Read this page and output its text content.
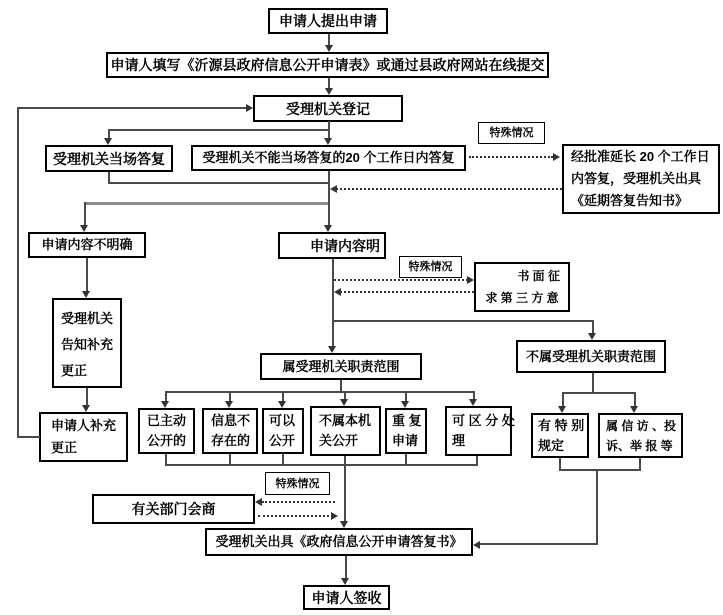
申请人提出申请
申请人填写《沂源县政府信息公开申请表》或通过县政府网站在线提交
受理机关登记
受理机关当场答复	受理机关不能当场答复的20 个工作日内答复
特殊情况
经批准延长 20 个工作日
内答复，受理机关出具
《延期答复告知书》
申请内容不明确	申请内容明
特殊情况
书 面 征
求 第 三 方 意
受理机关
告知补充
更正	属受理机关职责范围
不属受理机关职责范围
申请人补充
更正
已主动
公开的
信息不
存在的
可以
公开
不属本机
关公开
重 复
申请
可 区 分 处
理
有 特 别
规定
属 信 访 、投
诉、举 报 等
特殊情况
有关部门会商
受理机关出具《政府信息公开申请答复书》
申请人签收
